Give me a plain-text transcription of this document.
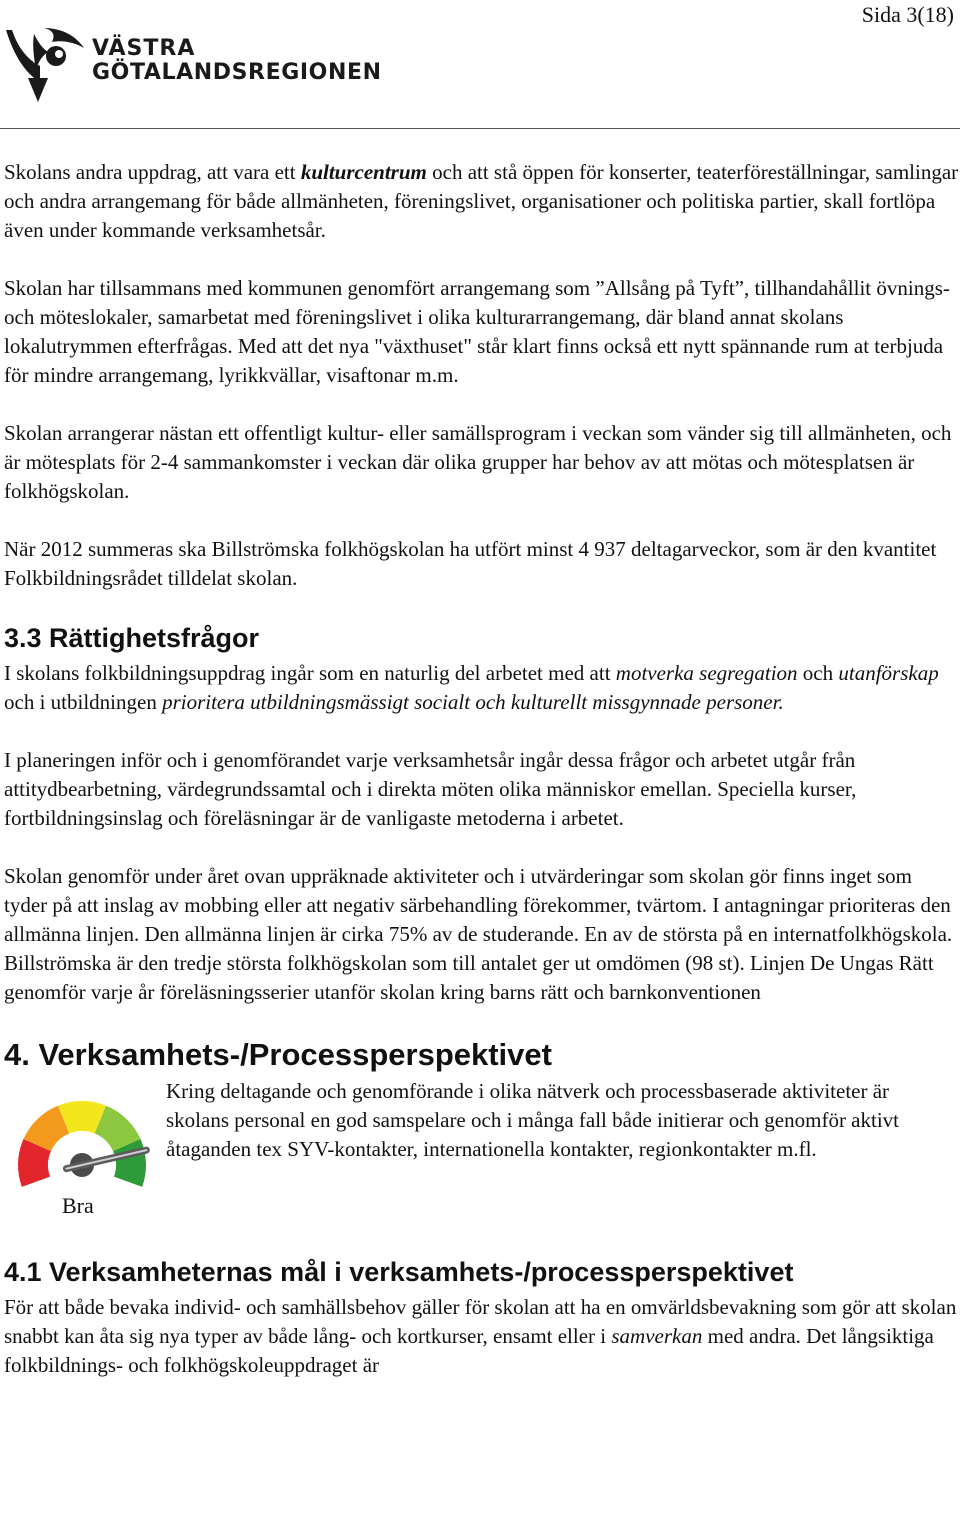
Sida 3(18)
VÄSTRA
GÖTALANDSREGIONEN

Skolans andra uppdrag, att vara ett kulturcentrum och att stå öppen för konserter, teaterföreställningar, samlingar och andra arrangemang för både allmänheten, föreningslivet, organisationer och politiska partier, skall fortlöpa även under kommande verksamhetsår.

Skolan har tillsammans med kommunen genomfört arrangemang som ”Allsång på Tyft”, tillhandahållit övnings- och möteslokaler, samarbetat med föreningslivet i olika kulturarrangemang, där bland annat skolans lokalutrymmen efterfrågas. Med att det nya "växthuset" står klart finns också ett nytt spännande rum at terbjuda för mindre arrangemang, lyrikkvällar, visaftonar m.m.

Skolan arrangerar nästan ett offentligt kultur- eller samällsprogram i veckan som vänder sig till allmänheten, och är mötesplats för 2-4 sammankomster i veckan där olika grupper har behov av att mötas och mötesplatsen är folkhögskolan.

När 2012 summeras ska Billströmska folkhögskolan ha utfört minst 4 937 deltagarveckor, som är den kvantitet Folkbildningsrådet tilldelat skolan.

3.3 Rättighetsfrågor

I skolans folkbildningsuppdrag ingår som en naturlig del arbetet med att motverka segregation och utanförskap och i utbildningen prioritera utbildningsmässigt socialt och kulturellt missgynnade personer.

I planeringen inför och i genomförandet varje verksamhetsår ingår dessa frågor och arbetet utgår från attitydbearbetning, värdegrundssamtal och i direkta möten olika människor emellan. Speciella kurser, fortbildningsinslag och föreläsningar är de vanligaste metoderna i arbetet.

Skolan genomför under året ovan uppräknade aktiviteter och i utvärderingar som skolan gör finns inget som tyder på att inslag av mobbing eller att negativ särbehandling förekommer, tvärtom. I antagningar prioriteras den allmänna linjen. Den allmänna linjen är cirka 75% av de studerande. En av de största på en internatfolkhögskola. Billströmska är den tredje största folkhögskolan som till antalet ger ut omdömen (98 st). Linjen De Ungas Rätt genomför varje år föreläsningsserier utanför skolan kring barns rätt och barnkonventionen

4. Verksamhets-/Processperspektivet
Bra

Kring deltagande och genomförande i olika nätverk och processbaserade aktiviteter är skolans personal en god samspelare och i många fall både initierar och genomför aktivt åtaganden tex SYV-kontakter, internationella kontakter, regionkontakter m.fl.

4.1 Verksamheternas mål i verksamhets-/processperspektivet

För att både bevaka individ- och samhällsbehov gäller för skolan att ha en omvärldsbevakning som gör att skolan snabbt kan åta sig nya typer av både lång- och kortkurser, ensamt eller i samverkan med andra. Det långsiktiga folkbildnings- och folkhögskoleuppdraget är
